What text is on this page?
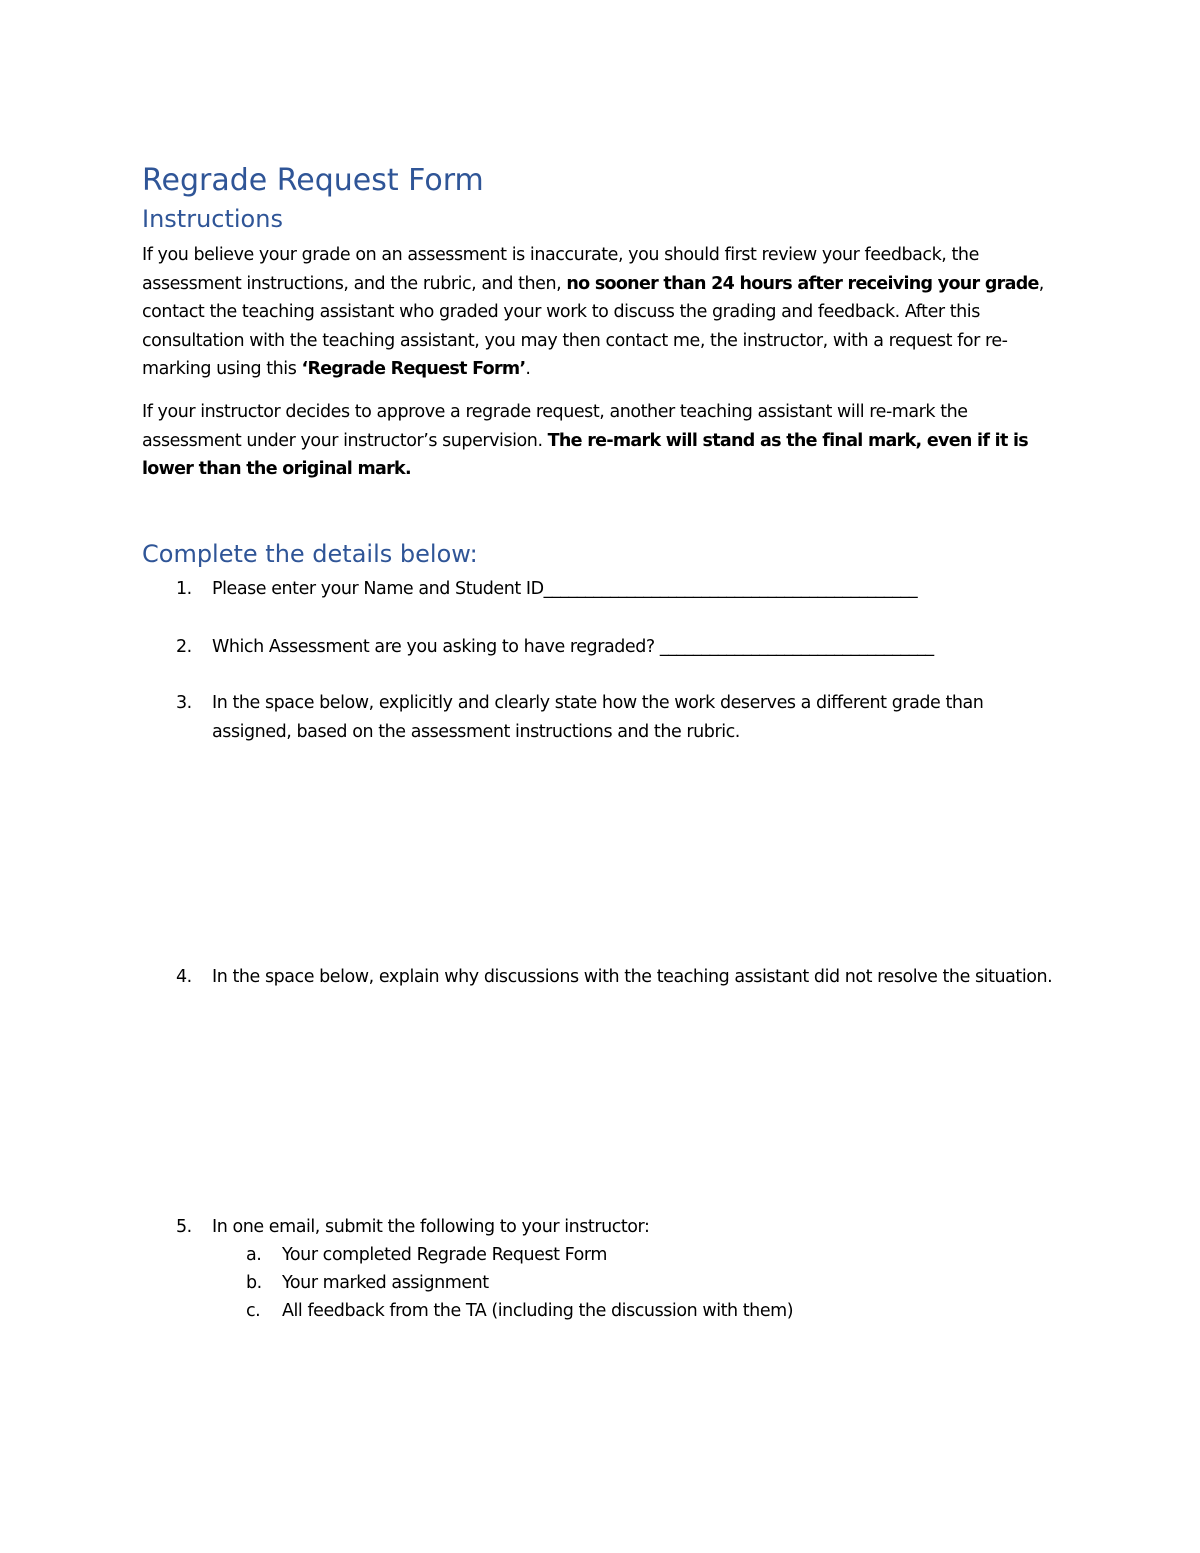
Regrade Request Form
Instructions

If you believe your grade on an assessment is inaccurate, you should first review your feedback, the assessment instructions, and the rubric, and then, no sooner than 24 hours after receiving your grade, contact the teaching assistant who graded your work to discuss the grading and feedback. After this consultation with the teaching assistant, you may then contact me, the instructor, with a request for re-marking using this ‘Regrade Request Form’.

If your instructor decides to approve a regrade request, another teaching assistant will re-mark the assessment under your instructor’s supervision. The re-mark will stand as the final mark, even if it is lower than the original mark.

Complete the details below:
1. Please enter your Name and Student ID_____________________________________________
2. Which Assessment are you asking to have regraded? _________________________________
3. In the space below, explicitly and clearly state how the work deserves a different grade than assigned, based on the assessment instructions and the rubric.
4. In the space below, explain why discussions with the teaching assistant did not resolve the situation.
5. In one email, submit the following to your instructor:
a. Your completed Regrade Request Form
b. Your marked assignment
c. All feedback from the TA (including the discussion with them)
